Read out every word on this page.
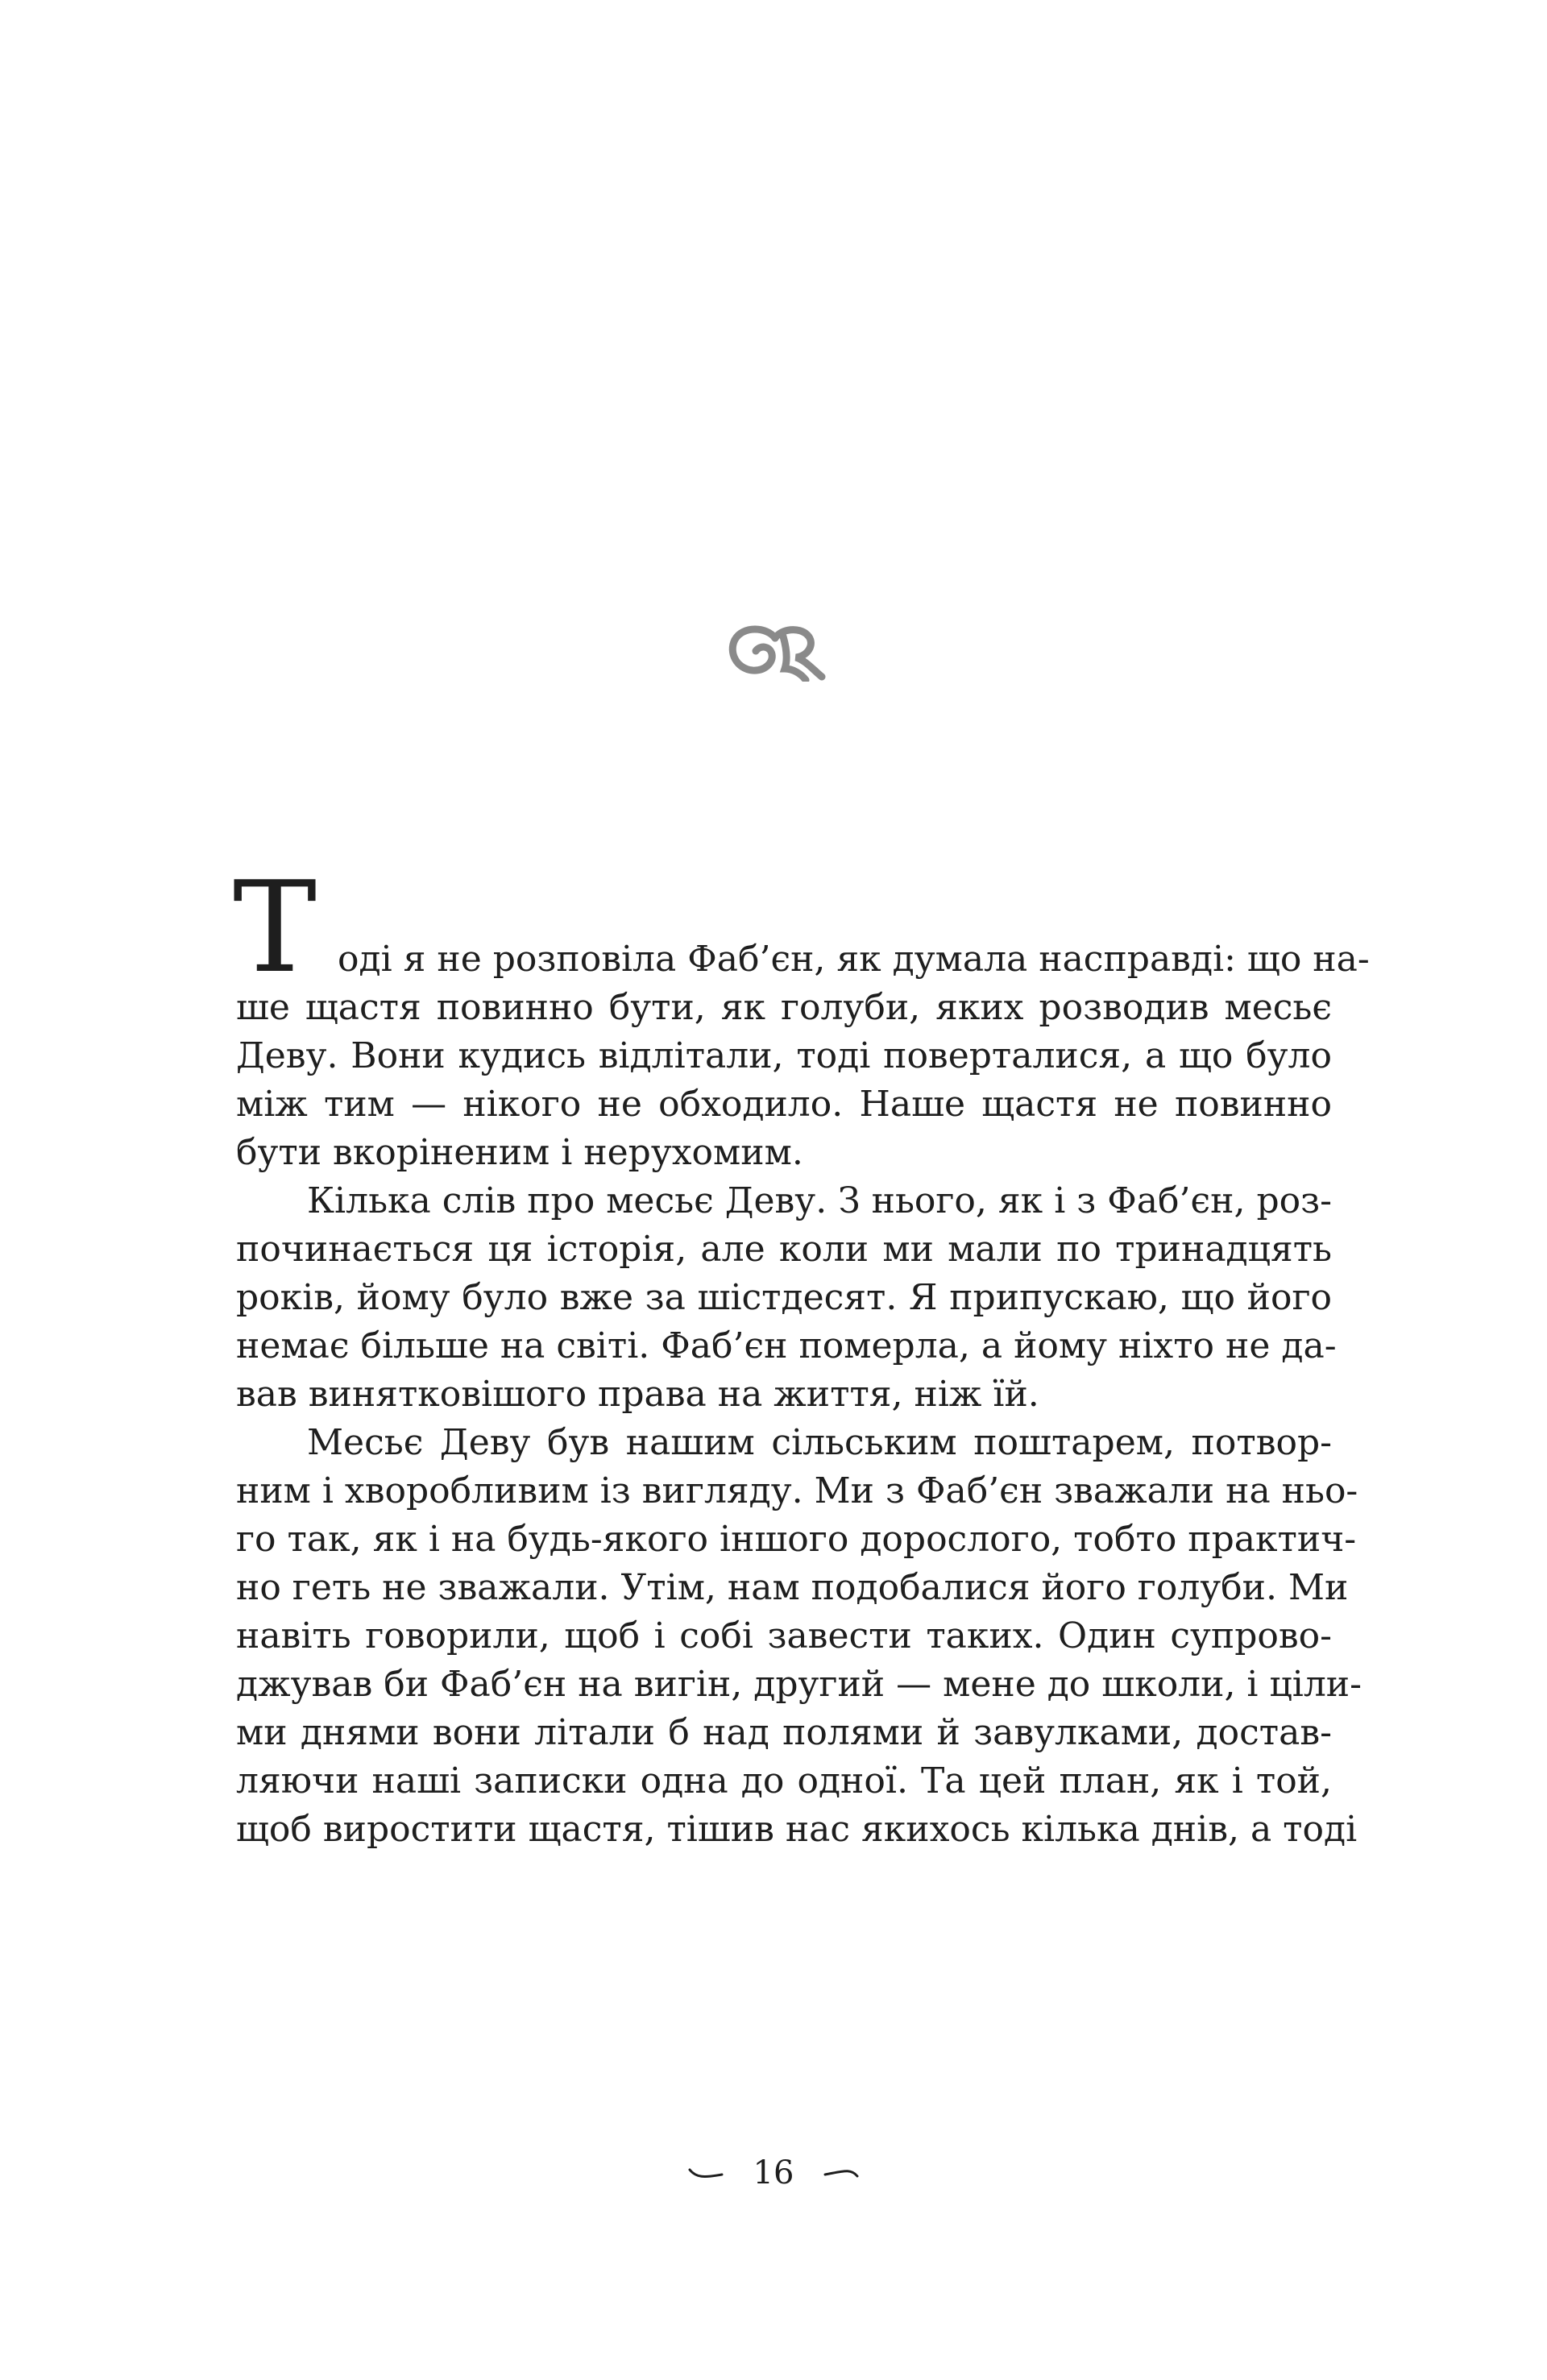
Т оді я не розповіла Фаб’єн, як думала насправді: що на-
ше щастя повинно бути, як голуби, яких розводив месьє
Деву. Вони кудись відлітали, тоді поверталися, а що було
між тим — нікого не обходило. Наше щастя не повинно
бути вкоріненим і нерухомим.
Кілька слів про месьє Деву. З нього, як і з Фаб’єн, роз-
починається ця історія, але коли ми мали по тринадцять
років, йому було вже за шістдесят. Я припускаю, що його
немає більше на світі. Фаб’єн померла, а йому ніхто не да-
вав винятковішого права на життя, ніж їй.
Месьє Деву був нашим сільським поштарем, потвор-
ним і хворобливим із вигляду. Ми з Фаб’єн зважали на ньо-
го так, як і на будь-якого іншого дорослого, тобто практич-
но геть не зважали. Утім, нам подобалися його голуби. Ми
навіть говорили, щоб і собі завести таких. Один супрово-
джував би Фаб’єн на вигін, другий — мене до школи, і ціли-
ми днями вони літали б над полями й завулками, достав-
ляючи наші записки одна до одної. Та цей план, як і той,
щоб виростити щастя, тішив нас якихось кілька днів, а тоді
16
